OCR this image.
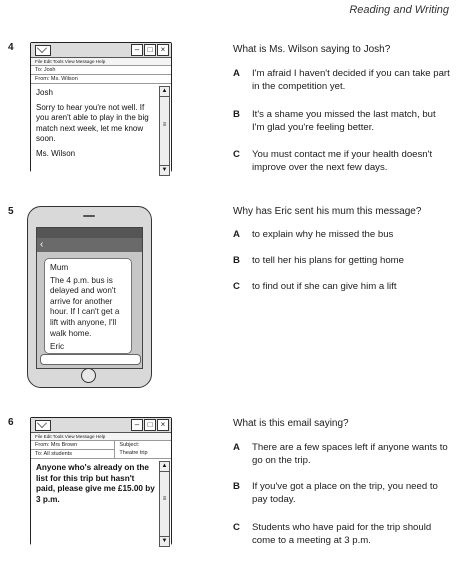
Reading and Writing
4	–	□	×
File Edit Tools View Message Help
To: Josh
From: Ms. Wilson
Josh
Sorry to hear you're not well. If you aren't able to play in the big match next week, let me know soon.
Ms. Wilson
▲
≡
▼
What is Ms. Wilson saying to Josh?
A I'm afraid I haven't decided if you can take part in the competition yet.
B It's a shame you missed the last match, but I'm glad you're feeling better.
C You must contact me if your health doesn't improve over the next few days.
5
‹
Mum
The 4 p.m. bus is delayed and won't arrive for another hour. If I can't get a lift with anyone, I'll walk home.
Eric
Why has Eric sent his mum this message?
A to explain why he missed the bus
B to tell her his plans for getting home
C to find out if she can give him a lift
6	–	□	×
File Edit Tools View Message Help
From: Mrs Brown
To: All students
Subject:
Theatre trip
Anyone who's already on the list for this trip but hasn't paid, please give me £15.00 by 3 p.m.
▲
≡
▼
What is this email saying?
A There are a few spaces left if anyone wants to go on the trip.
B If you've got a place on the trip, you need to pay today.
C Students who have paid for the trip should come to a meeting at 3 p.m.
